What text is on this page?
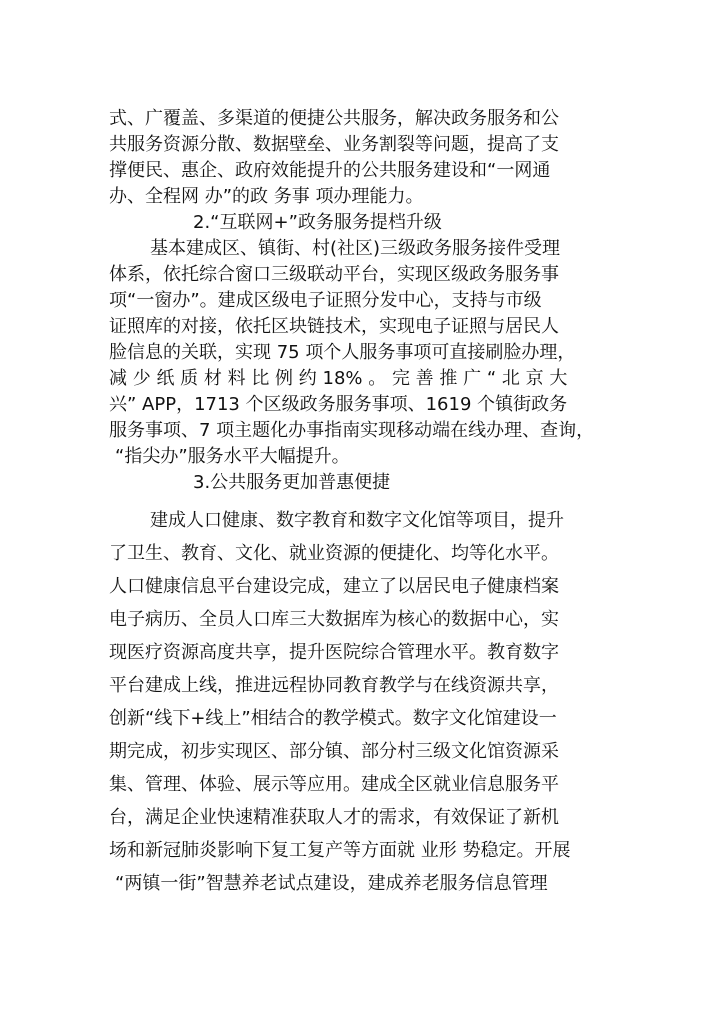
式、广覆盖、多渠道的便捷公共服务，解决政务服务和公

共服务资源分散、数据壁垒、业务割裂等问题，提高了支

撑便民、惠企、政府效能提升的公共服务建设和“一网通

办、全程网 办”的政 务事 项办理能力。

2.“互联网+”政务服务提档升级

基本建成区、镇街、村(社区)三级政务服务接件受理

体系，依托综合窗口三级联动平台，实现区级政务服务事

项“一窗办”。建成区级电子证照分发中心，支持与市级

证照库的对接，依托区块链技术，实现电子证照与居民人

脸信息的关联，实现 75 项个人服务事项可直接刷脸办理，

减 少 纸 质 材 料 比 例 约 18% 。 完 善 推 广 “ 北 京 大

兴” APP，1713 个区级政务服务事项、1619 个镇街政务

服务事项、7 项主题化办事指南实现移动端在线办理、查询，

“指尖办”服务水平大幅提升。

3.公共服务更加普惠便捷

建成人口健康、数字教育和数字文化馆等项目，提升

了卫生、教育、文化、就业资源的便捷化、均等化水平。

人口健康信息平台建设完成，建立了以居民电子健康档案

电子病历、全员人口库三大数据库为核心的数据中心，实

现医疗资源高度共享，提升医院综合管理水平。教育数字

平台建成上线，推进远程协同教育教学与在线资源共享，

创新“线下+线上”相结合的教学模式。数字文化馆建设一

期完成，初步实现区、部分镇、部分村三级文化馆资源采

集、管理、体验、展示等应用。建成全区就业信息服务平

台，满足企业快速精准获取人才的需求，有效保证了新机

场和新冠肺炎影响下复工复产等方面就 业形 势稳定。开展

“两镇一街”智慧养老试点建设，建成养老服务信息管理
